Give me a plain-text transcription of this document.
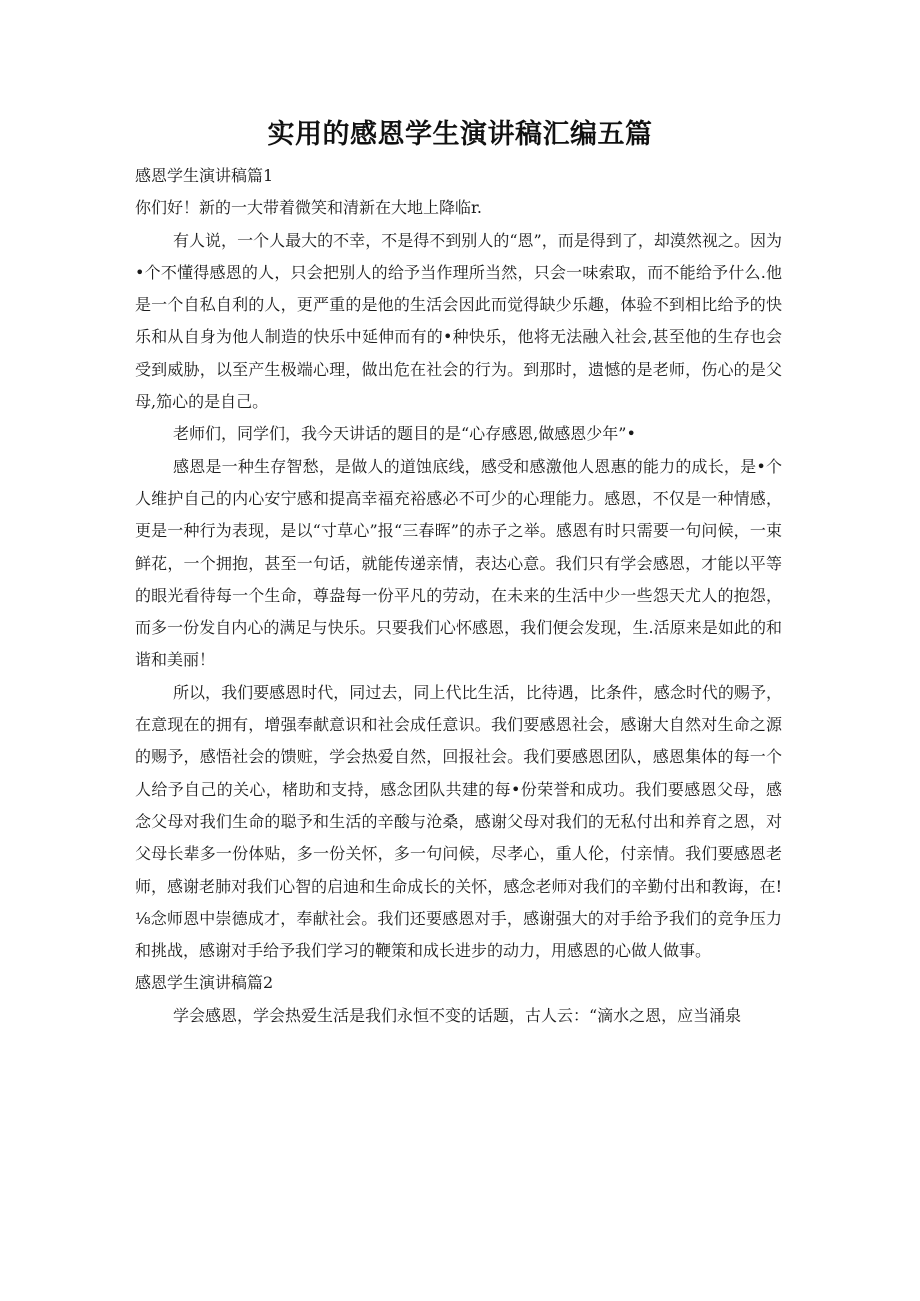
实用的感恩学生演讲稿汇编五篇

感恩学生演讲稿篇1

你们好！新的一大带着微笑和清新在大地上降临r.

有人说，一个人最大的不幸，不是得不到别人的“恩”，而是得到了，却漠然视之。因为•个不懂得感恩的人，只会把别人的给予当作理所当然，只会一味索取，而不能给予什么.他是一个自私自利的人，更严重的是他的生活会因此而觉得缺少乐趣，体验不到相比给予的快乐和从自身为他人制造的快乐中延伸而有的•种快乐，他将无法融入社会,甚至他的生存也会受到威胁，以至产生极端心理，做出危在社会的行为。到那时，遗憾的是老师，伤心的是父母,笳心的是自己。

老师们，同学们，我今天讲话的题目的是“心存感恩,做感恩少年”•

感恩是一种生存智愁，是做人的道蚀底线，感受和感激他人恩惠的能力的成长，是•个人维护自己的内心安宁感和提高幸福充裕感必不可少的心理能力。感恩，不仅是一种情感，更是一种行为表现，是以“寸草心”报“三春晖”的赤子之举。感恩有时只需要一句问候，一束鲜花，一个拥抱，甚至一句话，就能传递亲情，表达心意。我们只有学会感恩，才能以平等的眼光看待每一个生命，尊盎每一份平凡的劳动，在未来的生活中少一些怨天尤人的抱怨，而多一份发自内心的满足与快乐。只要我们心怀感恩，我们便会发现，生.活原来是如此的和谐和美丽！

所以，我们要感恩时代，同过去，同上代比生活，比待遇，比条件，感念时代的赐予，在意现在的拥有，增强奉献意识和社会成任意识。我们要感恩社会，感谢大自然对生命之源的赐予，感悟社会的馈赃，学会热爱自然，回报社会。我们要感恩团队，感恩集体的每一个人给予自己的关心，楮助和支持，感念团队共建的每•份荣誉和成功。我们要感恩父母，感念父母对我们生命的聪予和生活的辛酸与沧桑，感谢父母对我们的无私付出和养育之恩，对父母长辈多一份体贴，多一份关怀，多一句问候，尽孝心，重人伦，付亲情。我们要感恩老师，感谢老肺对我们心智的启迪和生命成长的关怀，感念老师对我们的辛勤付出和教诲，在!⅛念师恩中崇德成才，奉献社会。我们还要感恩对手，感谢强大的对手给予我们的竞争压力和挑战，感谢对手给予我们学习的鞭策和成长进步的动力，用感恩的心做人做事。

感恩学生演讲稿篇2

学会感恩，学会热爱生活是我们永恒不变的话题，古人云：“滴水之恩，应当涌泉
